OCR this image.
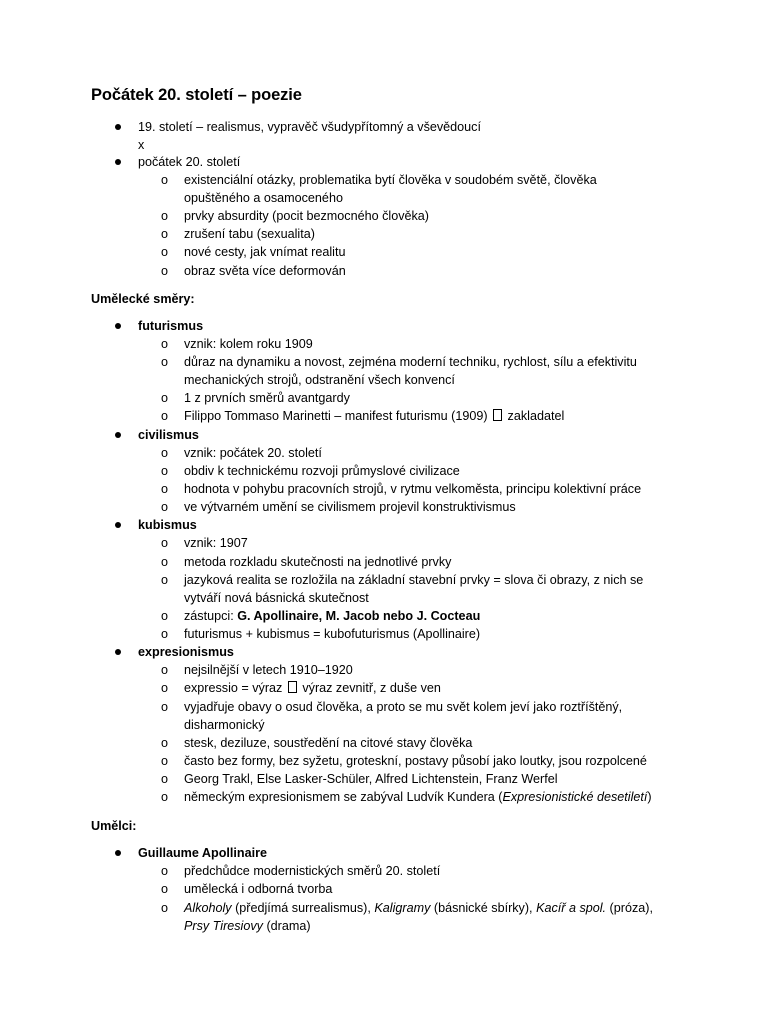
Počátek 20. století – poezie
19. století – realismus, vypravěč všudypřítomný a vševědoucí
x
počátek 20. století
o existenciální otázky, problematika bytí člověka v soudobém světě, člověka
opuštěného a osamoceného
o prvky absurdity (pocit bezmocného člověka)
o zrušení tabu (sexualita)
o nové cesty, jak vnímat realitu
o obraz světa více deformován
Umělecké směry:
futurismus
o vznik: kolem roku 1909
o důraz na dynamiku a novost, zejména moderní techniku, rychlost, sílu a efektivitu
mechanických strojů, odstranění všech konvencí
o 1 z prvních směrů avantgardy
o Filippo Tommaso Marinetti – manifest futurismu (1909) zakladatel
civilismus
o vznik: počátek 20. století
o obdiv k technickému rozvoji průmyslové civilizace
o hodnota v pohybu pracovních strojů, v rytmu velkoměsta, principu kolektivní práce
o ve výtvarném umění se civilismem projevil konstruktivismus
kubismus
o vznik: 1907
o metoda rozkladu skutečnosti na jednotlivé prvky
o jazyková realita se rozložila na základní stavební prvky = slova či obrazy, z nich se
vytváří nová básnická skutečnost
o zástupci: G. Apollinaire, M. Jacob nebo J. Cocteau
o futurismus + kubismus = kubofuturismus (Apollinaire)
expresionismus
o nejsilnější v letech 1910–1920
o expressio = výraz výraz zevnitř, z duše ven
o vyjadřuje obavy o osud člověka, a proto se mu svět kolem jeví jako roztříštěný,
disharmonický
o stesk, deziluze, soustředění na citové stavy člověka
o často bez formy, bez syžetu, groteskní, postavy působí jako loutky, jsou rozpolcené
o Georg Trakl, Else Lasker-Schüler, Alfred Lichtenstein, Franz Werfel
o německým expresionismem se zabýval Ludvík Kundera (Expresionistické desetiletí)
Umělci:
Guillaume Apollinaire
o předchůdce modernistických směrů 20. století
o umělecká i odborná tvorba
o Alkoholy (předjímá surrealismus), Kaligramy (básnické sbírky), Kacíř a spol. (próza),
Prsy Tiresiovy (drama)
